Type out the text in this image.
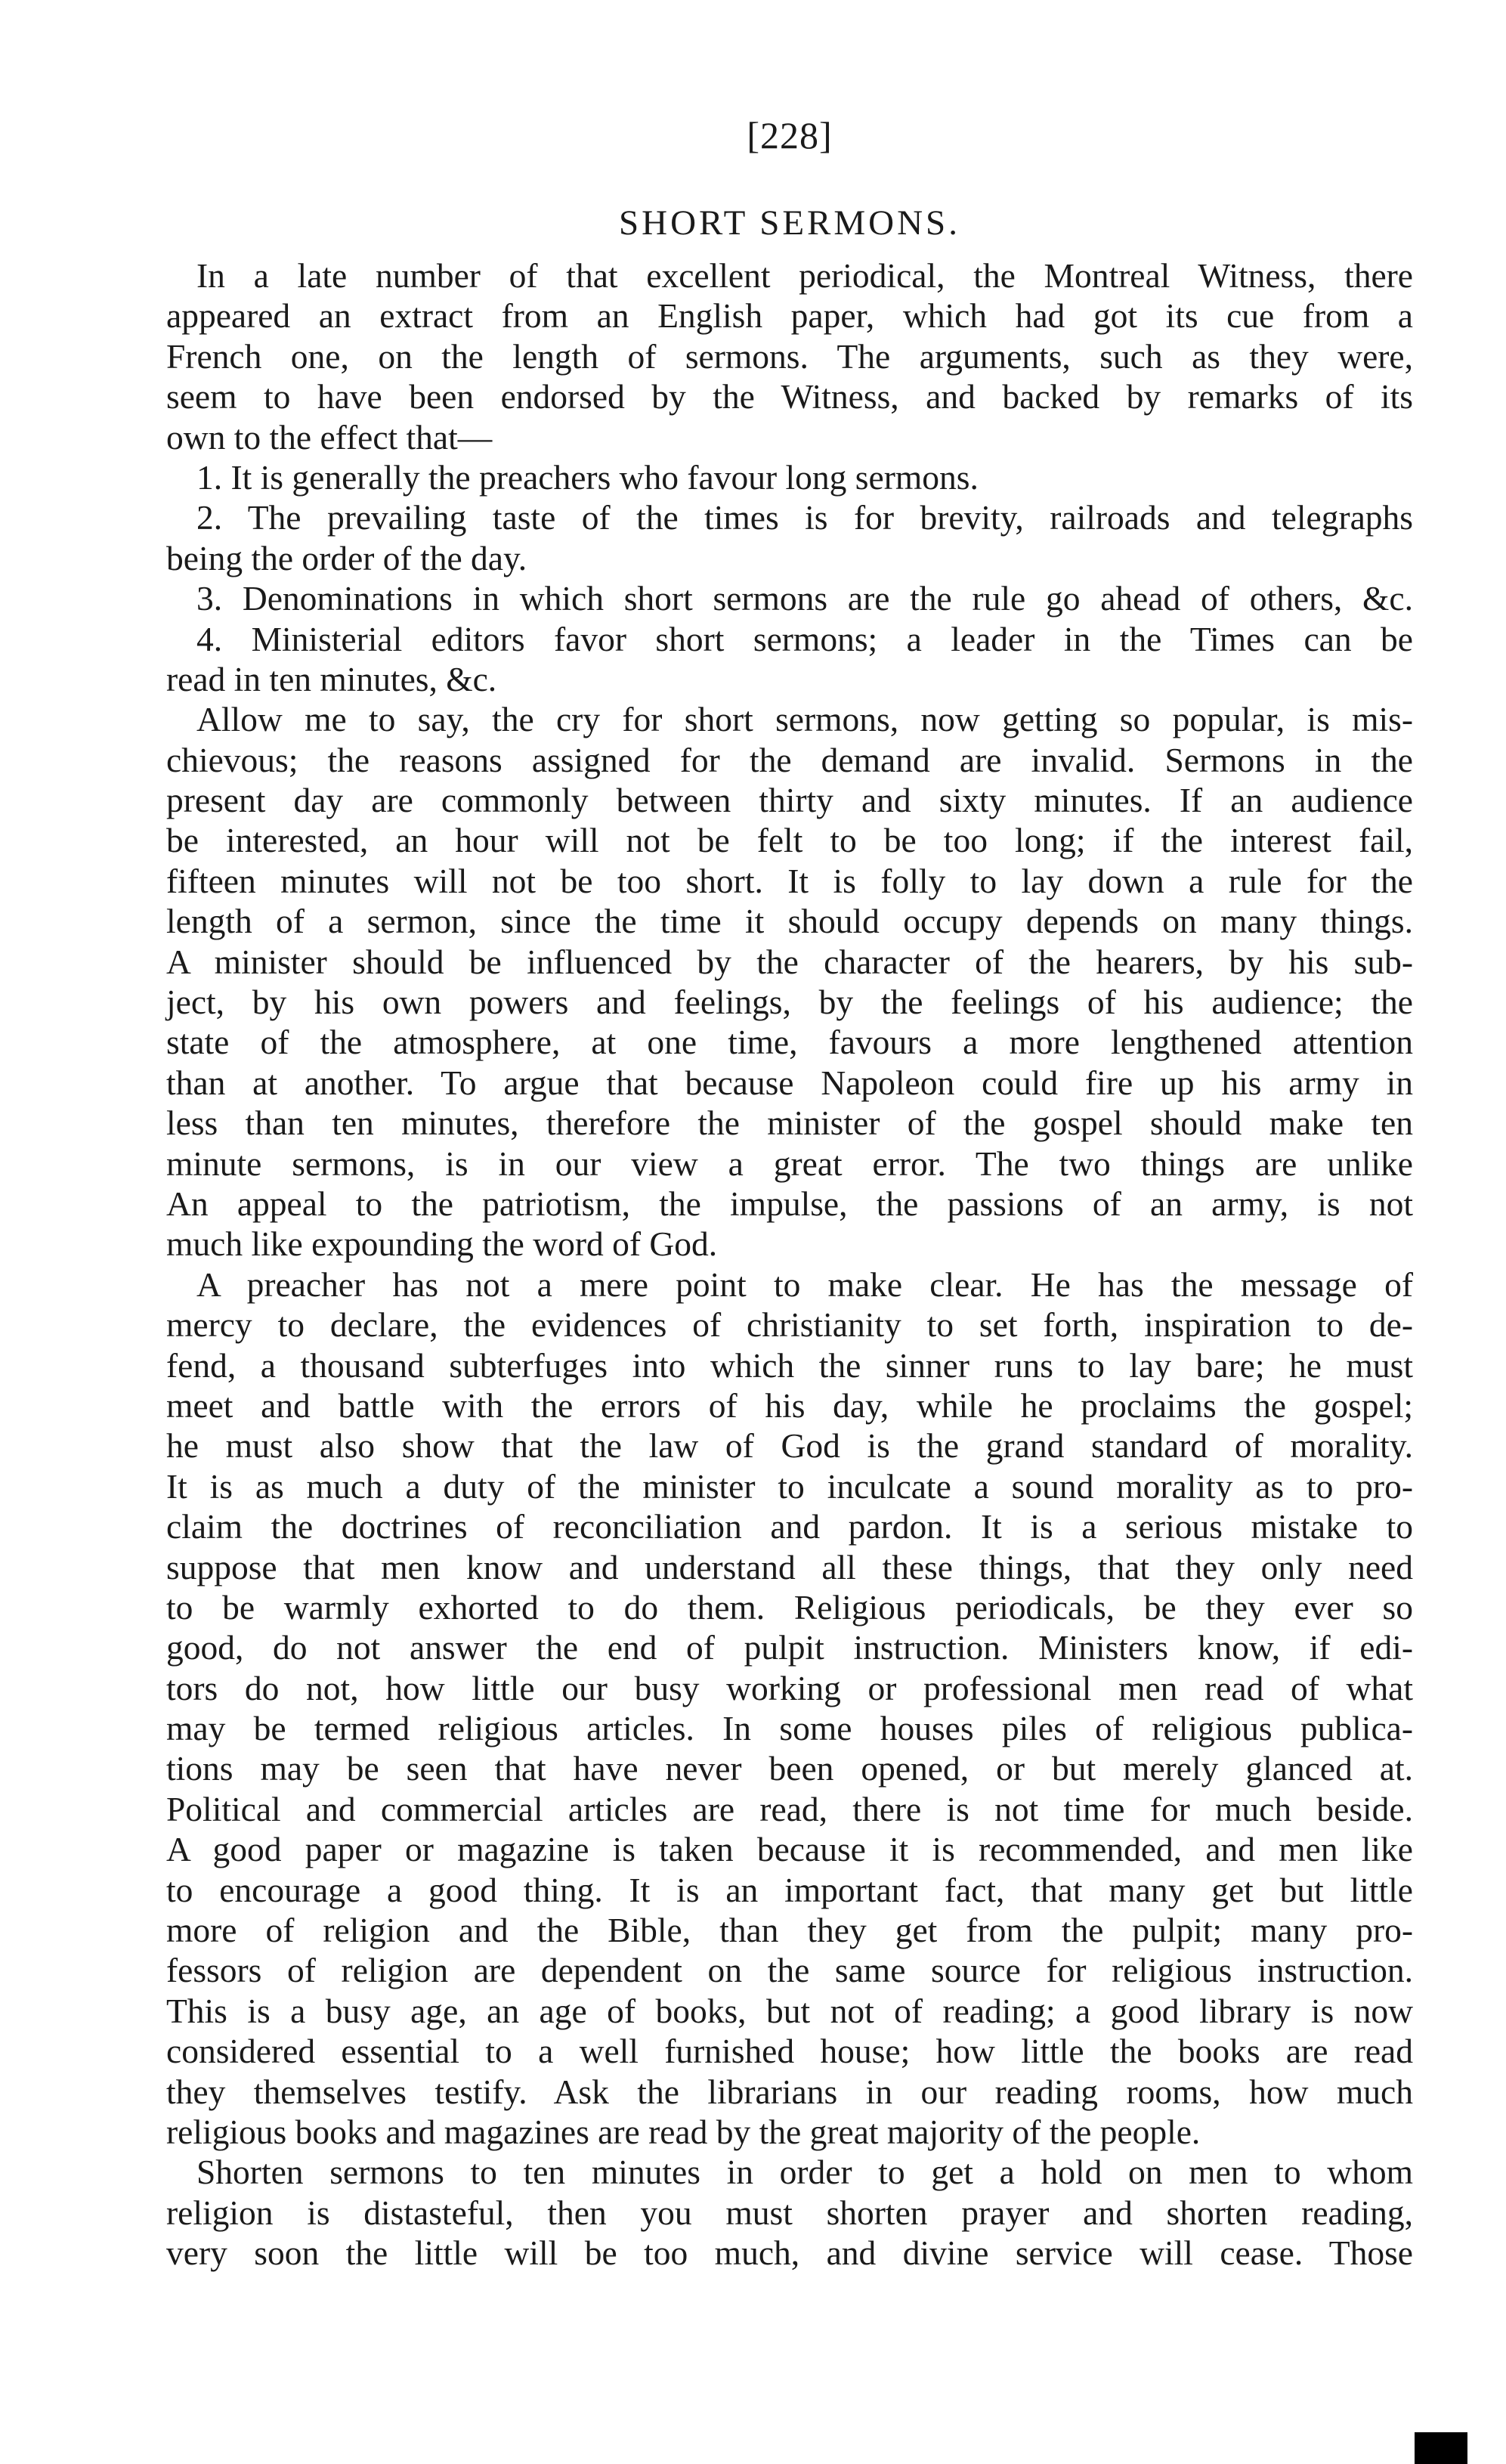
[228]
SHORT SERMONS.
In a late number of that excellent periodical, the Montreal Witness, there
appeared an extract from an English paper, which had got its cue from a
French one, on the length of sermons. The arguments, such as they were,
seem to have been endorsed by the Witness, and backed by remarks of its
own to the effect that—
1. It is generally the preachers who favour long sermons.
2. The prevailing taste of the times is for brevity, railroads and telegraphs
being the order of the day.
3. Denominations in which short sermons are the rule go ahead of others, &c.
4. Ministerial editors favor short sermons; a leader in the Times can be
read in ten minutes, &c.
Allow me to say, the cry for short sermons, now getting so popular, is mis-
chievous; the reasons assigned for the demand are invalid. Sermons in the
present day are commonly between thirty and sixty minutes. If an audience
be interested, an hour will not be felt to be too long; if the interest fail,
fifteen minutes will not be too short. It is folly to lay down a rule for the
length of a sermon, since the time it should occupy depends on many things.
A minister should be influenced by the character of the hearers, by his sub-
ject, by his own powers and feelings, by the feelings of his audience; the
state of the atmosphere, at one time, favours a more lengthened attention
than at another. To argue that because Napoleon could fire up his army in
less than ten minutes, therefore the minister of the gospel should make ten
minute sermons, is in our view a great error. The two things are unlike
An appeal to the patriotism, the impulse, the passions of an army, is not
much like expounding the word of God.
A preacher has not a mere point to make clear. He has the message of
mercy to declare, the evidences of christianity to set forth, inspiration to de-
fend, a thousand subterfuges into which the sinner runs to lay bare; he must
meet and battle with the errors of his day, while he proclaims the gospel;
he must also show that the law of God is the grand standard of morality.
It is as much a duty of the minister to inculcate a sound morality as to pro-
claim the doctrines of reconciliation and pardon. It is a serious mistake to
suppose that men know and understand all these things, that they only need
to be warmly exhorted to do them. Religious periodicals, be they ever so
good, do not answer the end of pulpit instruction. Ministers know, if edi-
tors do not, how little our busy working or professional men read of what
may be termed religious articles. In some houses piles of religious publica-
tions may be seen that have never been opened, or but merely glanced at.
Political and commercial articles are read, there is not time for much beside.
A good paper or magazine is taken because it is recommended, and men like
to encourage a good thing. It is an important fact, that many get but little
more of religion and the Bible, than they get from the pulpit; many pro-
fessors of religion are dependent on the same source for religious instruction.
This is a busy age, an age of books, but not of reading; a good library is now
considered essential to a well furnished house; how little the books are read
they themselves testify. Ask the librarians in our reading rooms, how much
religious books and magazines are read by the great majority of the people.
Shorten sermons to ten minutes in order to get a hold on men to whom
religion is distasteful, then you must shorten prayer and shorten reading,
very soon the little will be too much, and divine service will cease. Those
